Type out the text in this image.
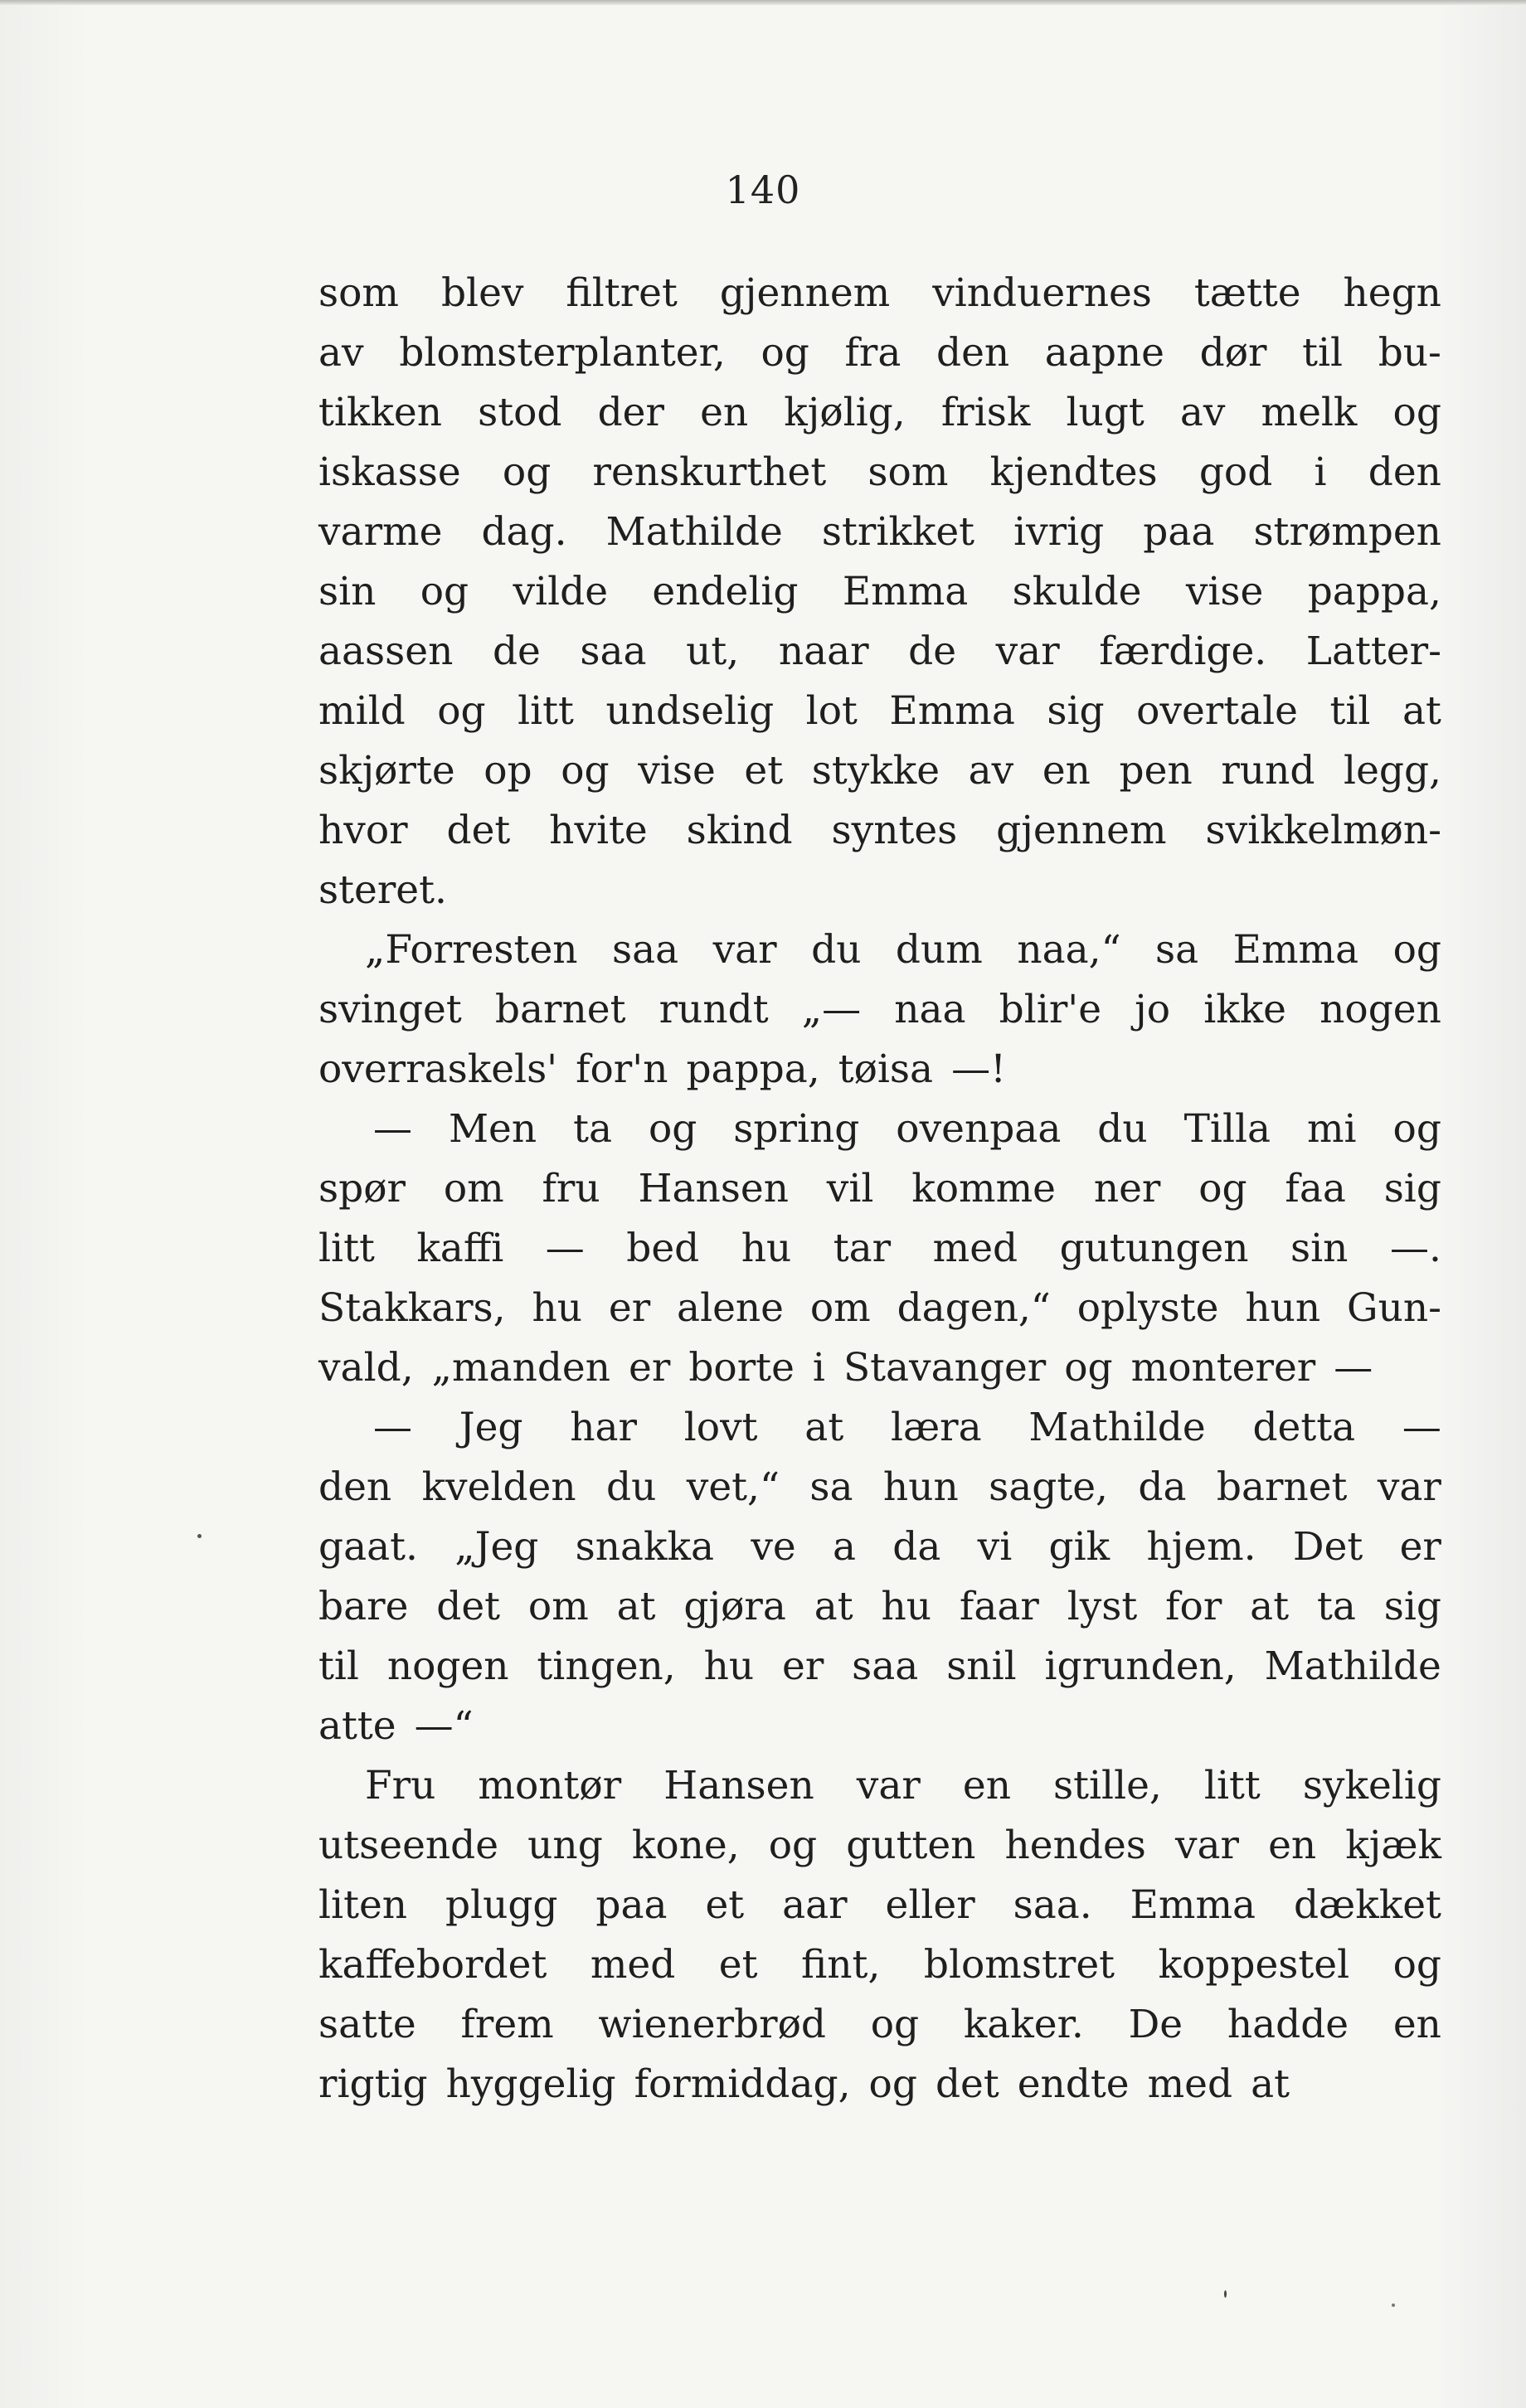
140
som blev filtret gjennem vinduernes tætte hegn
av blomsterplanter, og fra den aapne dør til bu-
tikken stod der en kjølig, frisk lugt av melk og
iskasse og renskurthet som kjendtes god i den
varme dag. Mathilde strikket ivrig paa strømpen
sin og vilde endelig Emma skulde vise pappa,
aassen de saa ut, naar de var færdige. Latter-
mild og litt undselig lot Emma sig overtale til at
skjørte op og vise et stykke av en pen rund legg,
hvor det hvite skind syntes gjennem svikkelmøn-
steret.
„Forresten saa var du dum naa,“ sa Emma og
svinget barnet rundt „— naa blir'e jo ikke nogen
overraskels' for'n pappa, tøisa —!
— Men ta og spring ovenpaa du Tilla mi og
spør om fru Hansen vil komme ner og faa sig
litt kaffi — bed hu tar med gutungen sin —.
Stakkars, hu er alene om dagen,“ oplyste hun Gun-
vald, „manden er borte i Stavanger og monterer —
— Jeg har lovt at læra Mathilde detta —
den kvelden du vet,“ sa hun sagte, da barnet var
gaat. „Jeg snakka ve a da vi gik hjem. Det er
bare det om at gjøra at hu faar lyst for at ta sig
til nogen tingen, hu er saa snil igrunden, Mathilde
atte —“
Fru montør Hansen var en stille, litt sykelig
utseende ung kone, og gutten hendes var en kjæk
liten plugg paa et aar eller saa. Emma dækket
kaffebordet med et fint, blomstret koppestel og
satte frem wienerbrød og kaker. De hadde en
rigtig hyggelig formiddag, og det endte med at
